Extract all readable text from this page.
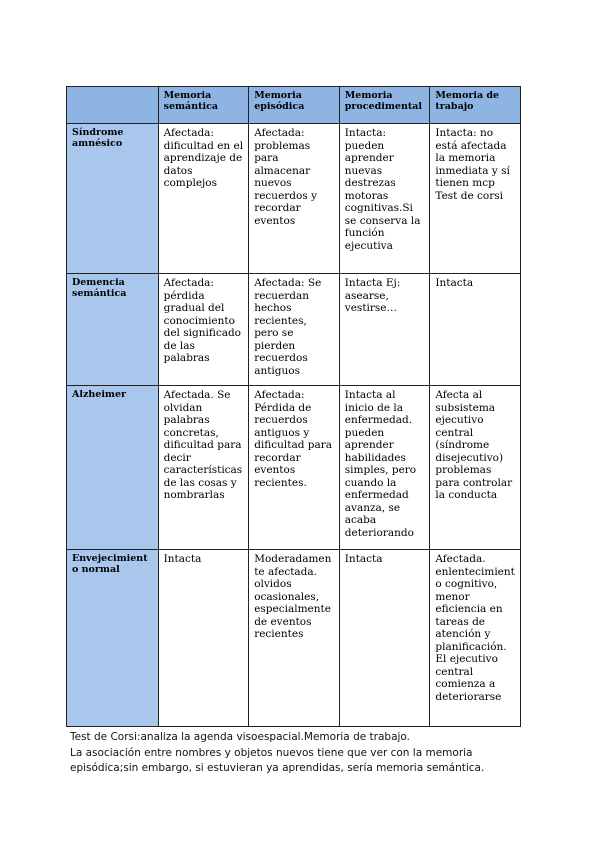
	Memoria semántica	Memoria episódica	Memoria procedimental	Memoria de trabajo
Síndrome amnésico	Afectada: dificultad en el aprendizaje de datos complejos	Afectada: problemas para almacenar nuevos recuerdos y recordar eventos	Intacta: pueden aprender nuevas destrezas motoras cognitivas.Si se conserva la función ejecutiva	Intacta: no está afectada la memoria inmediata y sí tienen mcp Test de corsi
Demencia semántica	Afectada: pérdida gradual del conocimiento del significado de las palabras	Afectada: Se recuerdan hechos recientes, pero se pierden recuerdos antiguos	Intacta Ej: asearse, vestirse…	Intacta
Alzheimer	Afectada. Se olvidan palabras concretas, dificultad para decir características de las cosas y nombrarlas	Afectada: Pérdida de recuerdos antiguos y dificultad para recordar eventos recientes.	Intacta al inicio de la enfermedad. pueden aprender habilidades simples, pero cuando la enfermedad avanza, se acaba deteriorando	Afecta al subsistema ejecutivo central (síndrome disejecutivo) problemas para controlar la conducta
Envejecimiento normal	Intacta	Moderadamente afectada. olvidos ocasionales, especialmente de eventos recientes	Intacta	Afectada. enlentecimiento cognitivo, menor eficiencia en tareas de atención y planificación. El ejecutivo central comienza a deteriorarse
Test de Corsi:analiza la agenda visoespacial.Memoria de trabajo.
La asociación entre nombres y objetos nuevos tiene que ver con la memoria episódica;sin embargo, si estuvieran ya aprendidas, sería memoria semántica.
